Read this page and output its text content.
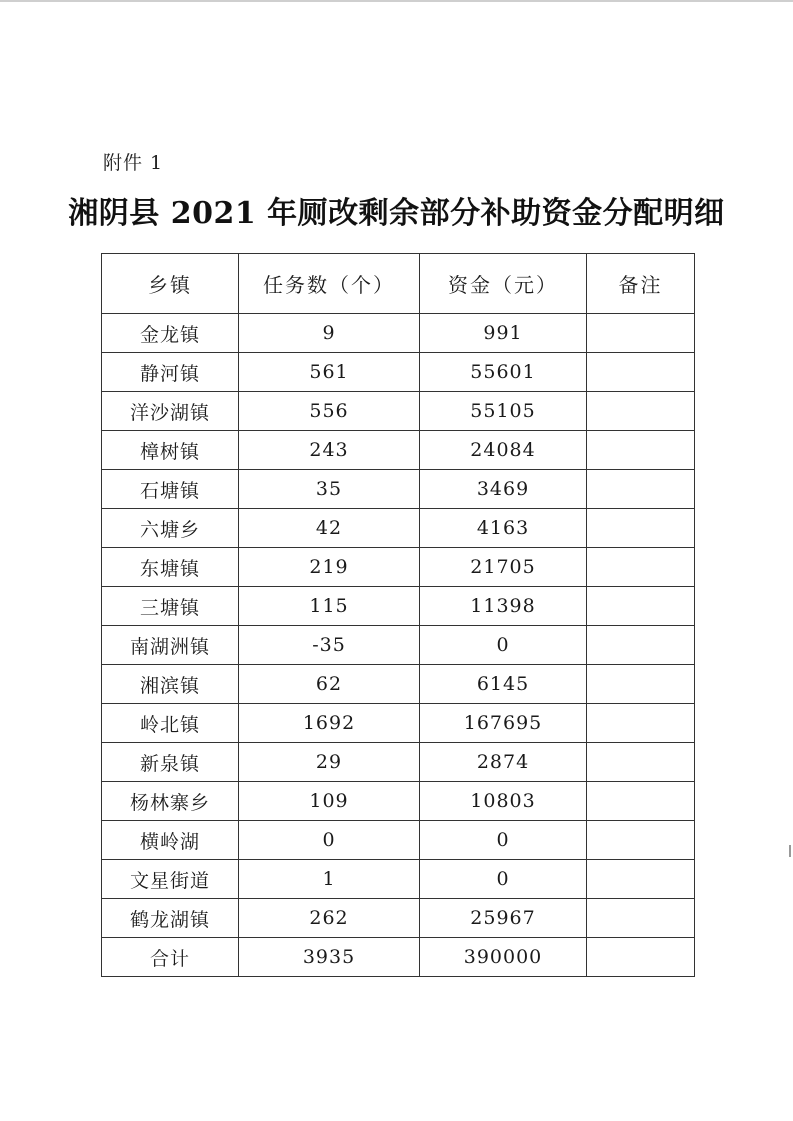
附件 1
湘阴县 2021 年厕改剩余部分补助资金分配明细
乡镇	任务数（个）	资金（元）	备注
金龙镇	9	991	
静河镇	561	55601	
洋沙湖镇	556	55105	
樟树镇	243	24084	
石塘镇	35	3469	
六塘乡	42	4163	
东塘镇	219	21705	
三塘镇	115	11398	
南湖洲镇	-35	0	
湘滨镇	62	6145	
岭北镇	1692	167695	
新泉镇	29	2874	
杨林寨乡	109	10803	
横岭湖	0	0	
文星街道	1	0	
鹤龙湖镇	262	25967	
合计	3935	390000	
